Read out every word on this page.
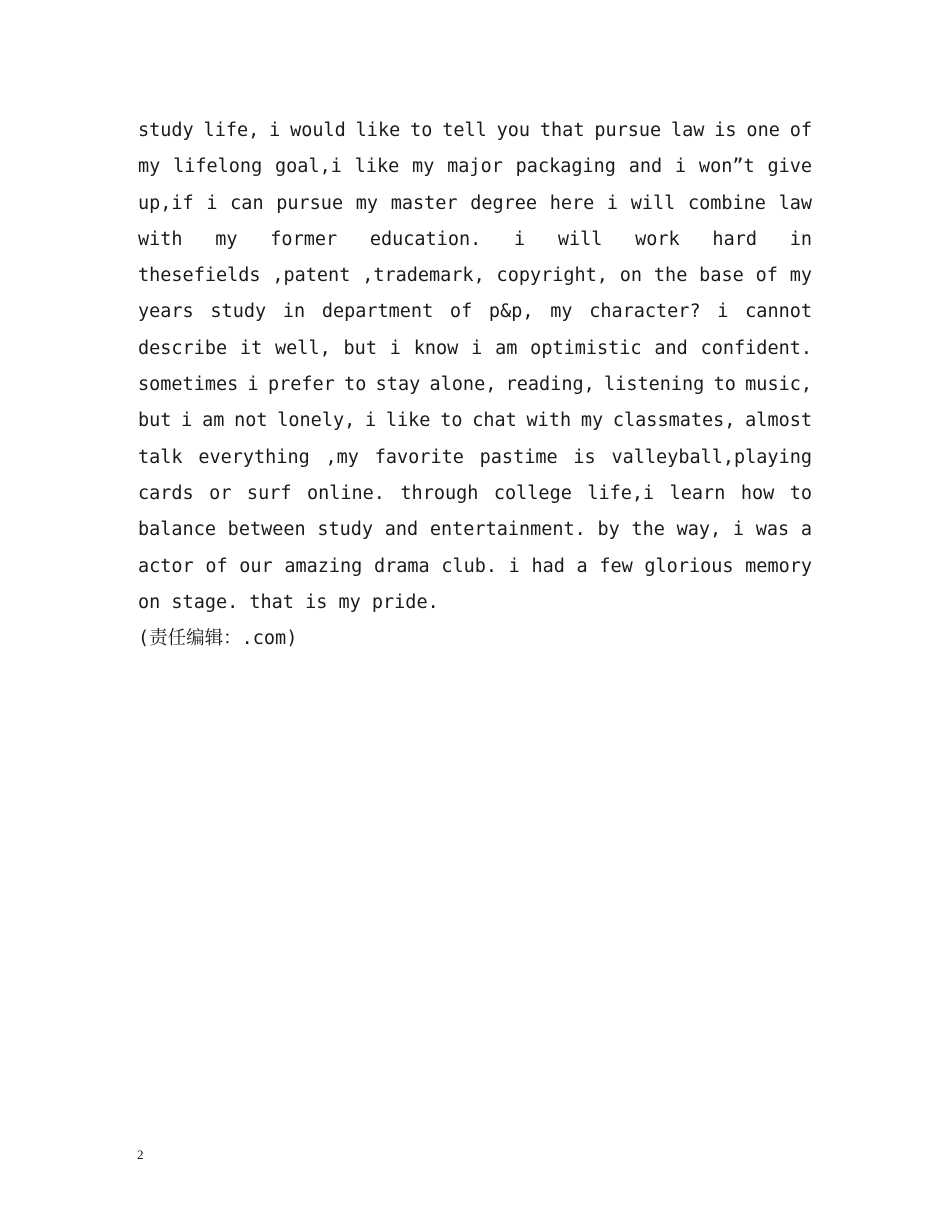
study life, i would like to tell you that pursue law is one of
my lifelong goal,i like my major packaging and i won”t give
up,if i can pursue my master degree here i will combine law
with my former education. i will work hard in
thesefields ,patent ,trademark, copyright, on the base of my
years study in department of p&p, my character? i cannot
describe it well, but i know i am optimistic and confident.
sometimes i prefer to stay alone, reading, listening to music,
but i am not lonely, i like to chat with my classmates, almost
talk everything ,my favorite pastime is valleyball,playing
cards or surf online. through college life,i learn how to
balance between study and entertainment. by the way, i was a
actor of our amazing drama club. i had a few glorious memory
on stage. that is my pride.
(责任编辑：.com)
2
